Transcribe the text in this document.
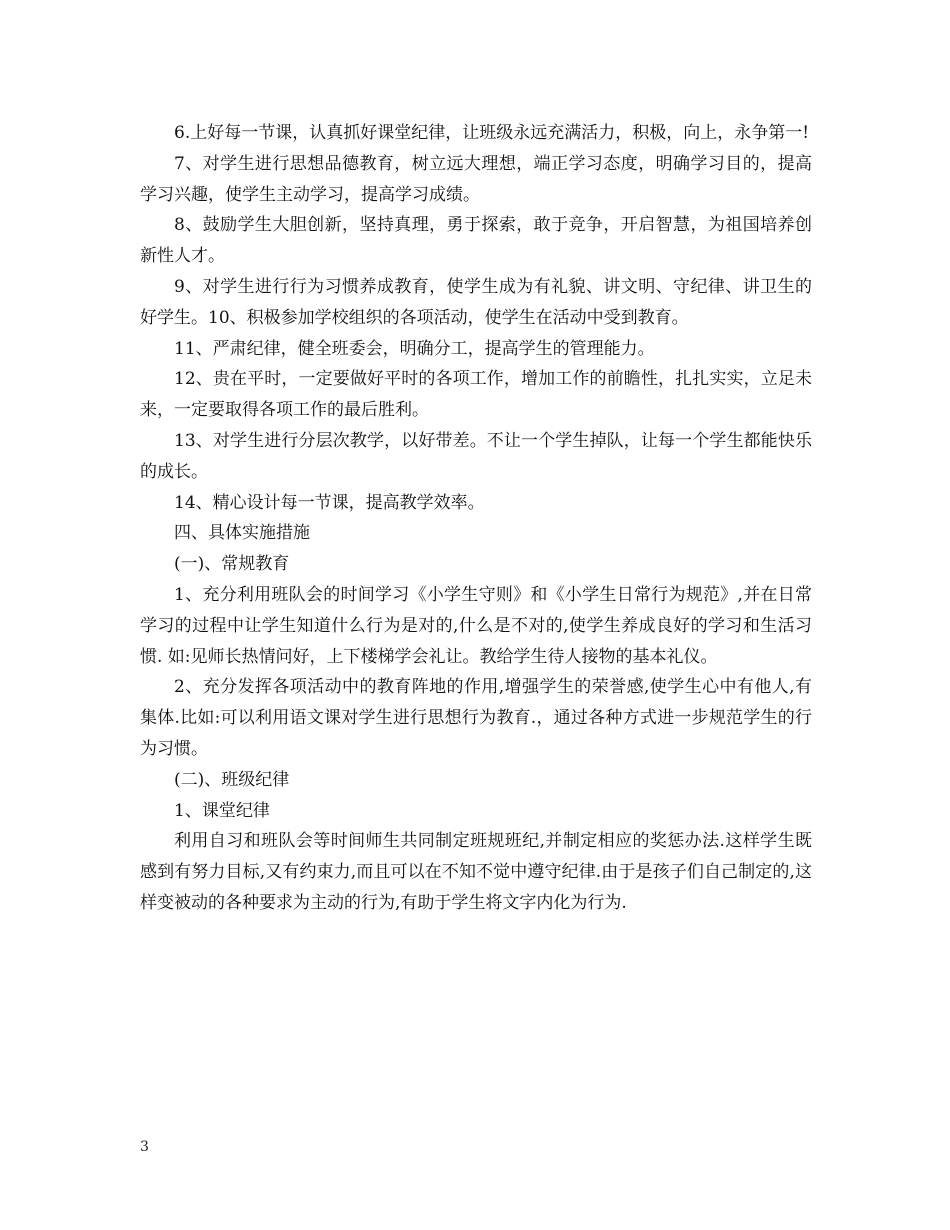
6.上好每一节课，认真抓好课堂纪律，让班级永远充满活力，积极，向上，永争第一!

7、对学生进行思想品德教育，树立远大理想，端正学习态度，明确学习目的，提高学习兴趣，使学生主动学习，提高学习成绩。

8、鼓励学生大胆创新，坚持真理，勇于探索，敢于竞争，开启智慧，为祖国培养创新性人才。

9、对学生进行行为习惯养成教育，使学生成为有礼貌、讲文明、守纪律、讲卫生的好学生。10、积极参加学校组织的各项活动，使学生在活动中受到教育。

11、严肃纪律，健全班委会，明确分工，提高学生的管理能力。

12、贵在平时，一定要做好平时的各项工作，增加工作的前瞻性，扎扎实实，立足未来，一定要取得各项工作的最后胜利。

13、对学生进行分层次教学，以好带差。不让一个学生掉队，让每一个学生都能快乐的成长。

14、精心设计每一节课，提高教学效率。

四、具体实施措施

(一)、常规教育

1、充分利用班队会的时间学习《小学生守则》和《小学生日常行为规范》,并在日常学习的过程中让学生知道什么行为是对的,什么是不对的,使学生养成良好的学习和生活习惯. 如:见师长热情问好，上下楼梯学会礼让。教给学生待人接物的基本礼仪。

2、充分发挥各项活动中的教育阵地的作用,增强学生的荣誉感,使学生心中有他人,有集体.比如:可以利用语文课对学生进行思想行为教育.，通过各种方式进一步规范学生的行为习惯。

(二)、班级纪律

1、课堂纪律

利用自习和班队会等时间师生共同制定班规班纪,并制定相应的奖惩办法.这样学生既感到有努力目标,又有约束力,而且可以在不知不觉中遵守纪律.由于是孩子们自己制定的,这样变被动的各种要求为主动的行为,有助于学生将文字内化为行为.

3
